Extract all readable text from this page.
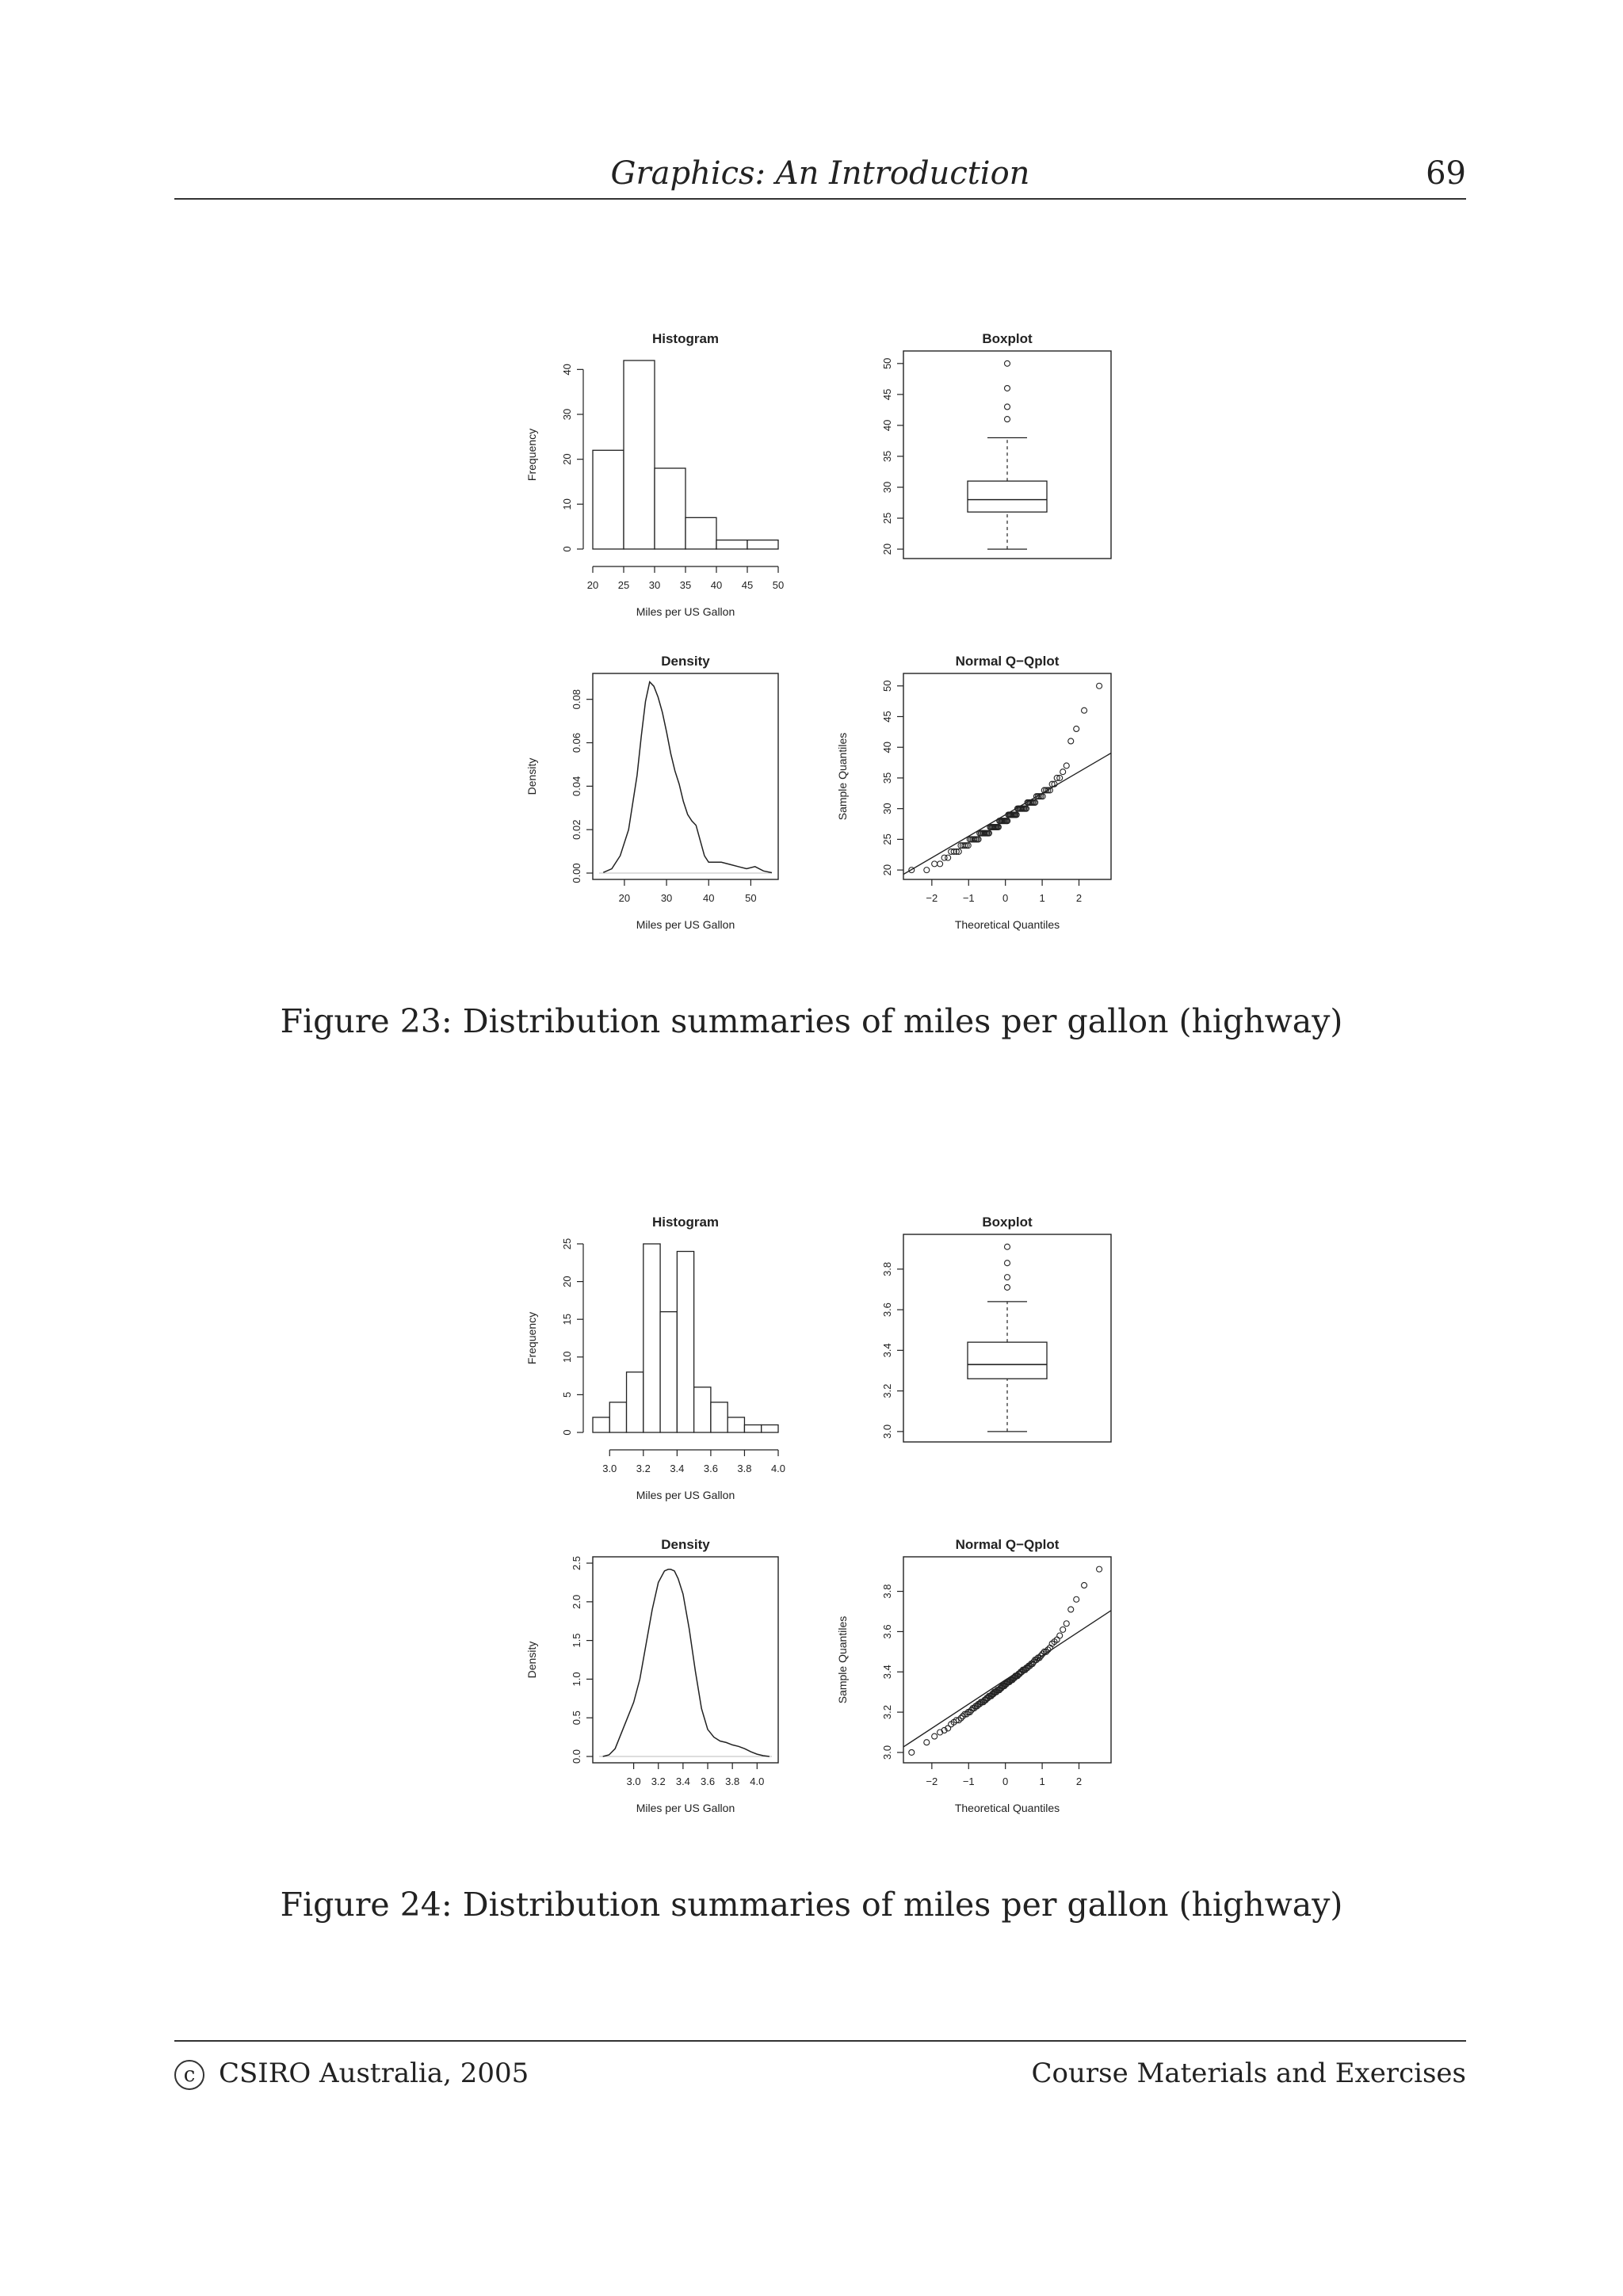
Graphics: An Introduction	69
Histogram
0
10
20
30
40
Frequency
20 25 30 35 40 45 50
Miles per US Gallon
Boxplot
20
25
30
35
40
45
50
Density
0.00
0.02
0.04
0.06
0.08
Density
20	30	40	50
Miles per US Gallon
Normal Q−Qplot
20
25
30
35
40
45
50
Sample Quantiles
−2 −1	0	1	2
Theoretical Quantiles
Figure 23: Distribution summaries of miles per gallon (highway)
Histogram
0
5
10
15
20
25
Frequency
3.0 3.2 3.4 3.6 3.8 4.0
Miles per US Gallon
Boxplot
3.0
3.2
3.4
3.6
3.8
Density
0.0
0.5
1.0
1.5
2.0
2.5
Density
3.0 3.2 3.4 3.6 3.8 4.0
Miles per US Gallon
Normal Q−Qplot
3.0
3.2
3.4
3.6
3.8
Sample Quantiles
−2 −1	0	1	2
Theoretical Quantiles
Figure 24: Distribution summaries of miles per gallon (highway)
c CSIRO Australia, 2005	Course Materials and Exercises
